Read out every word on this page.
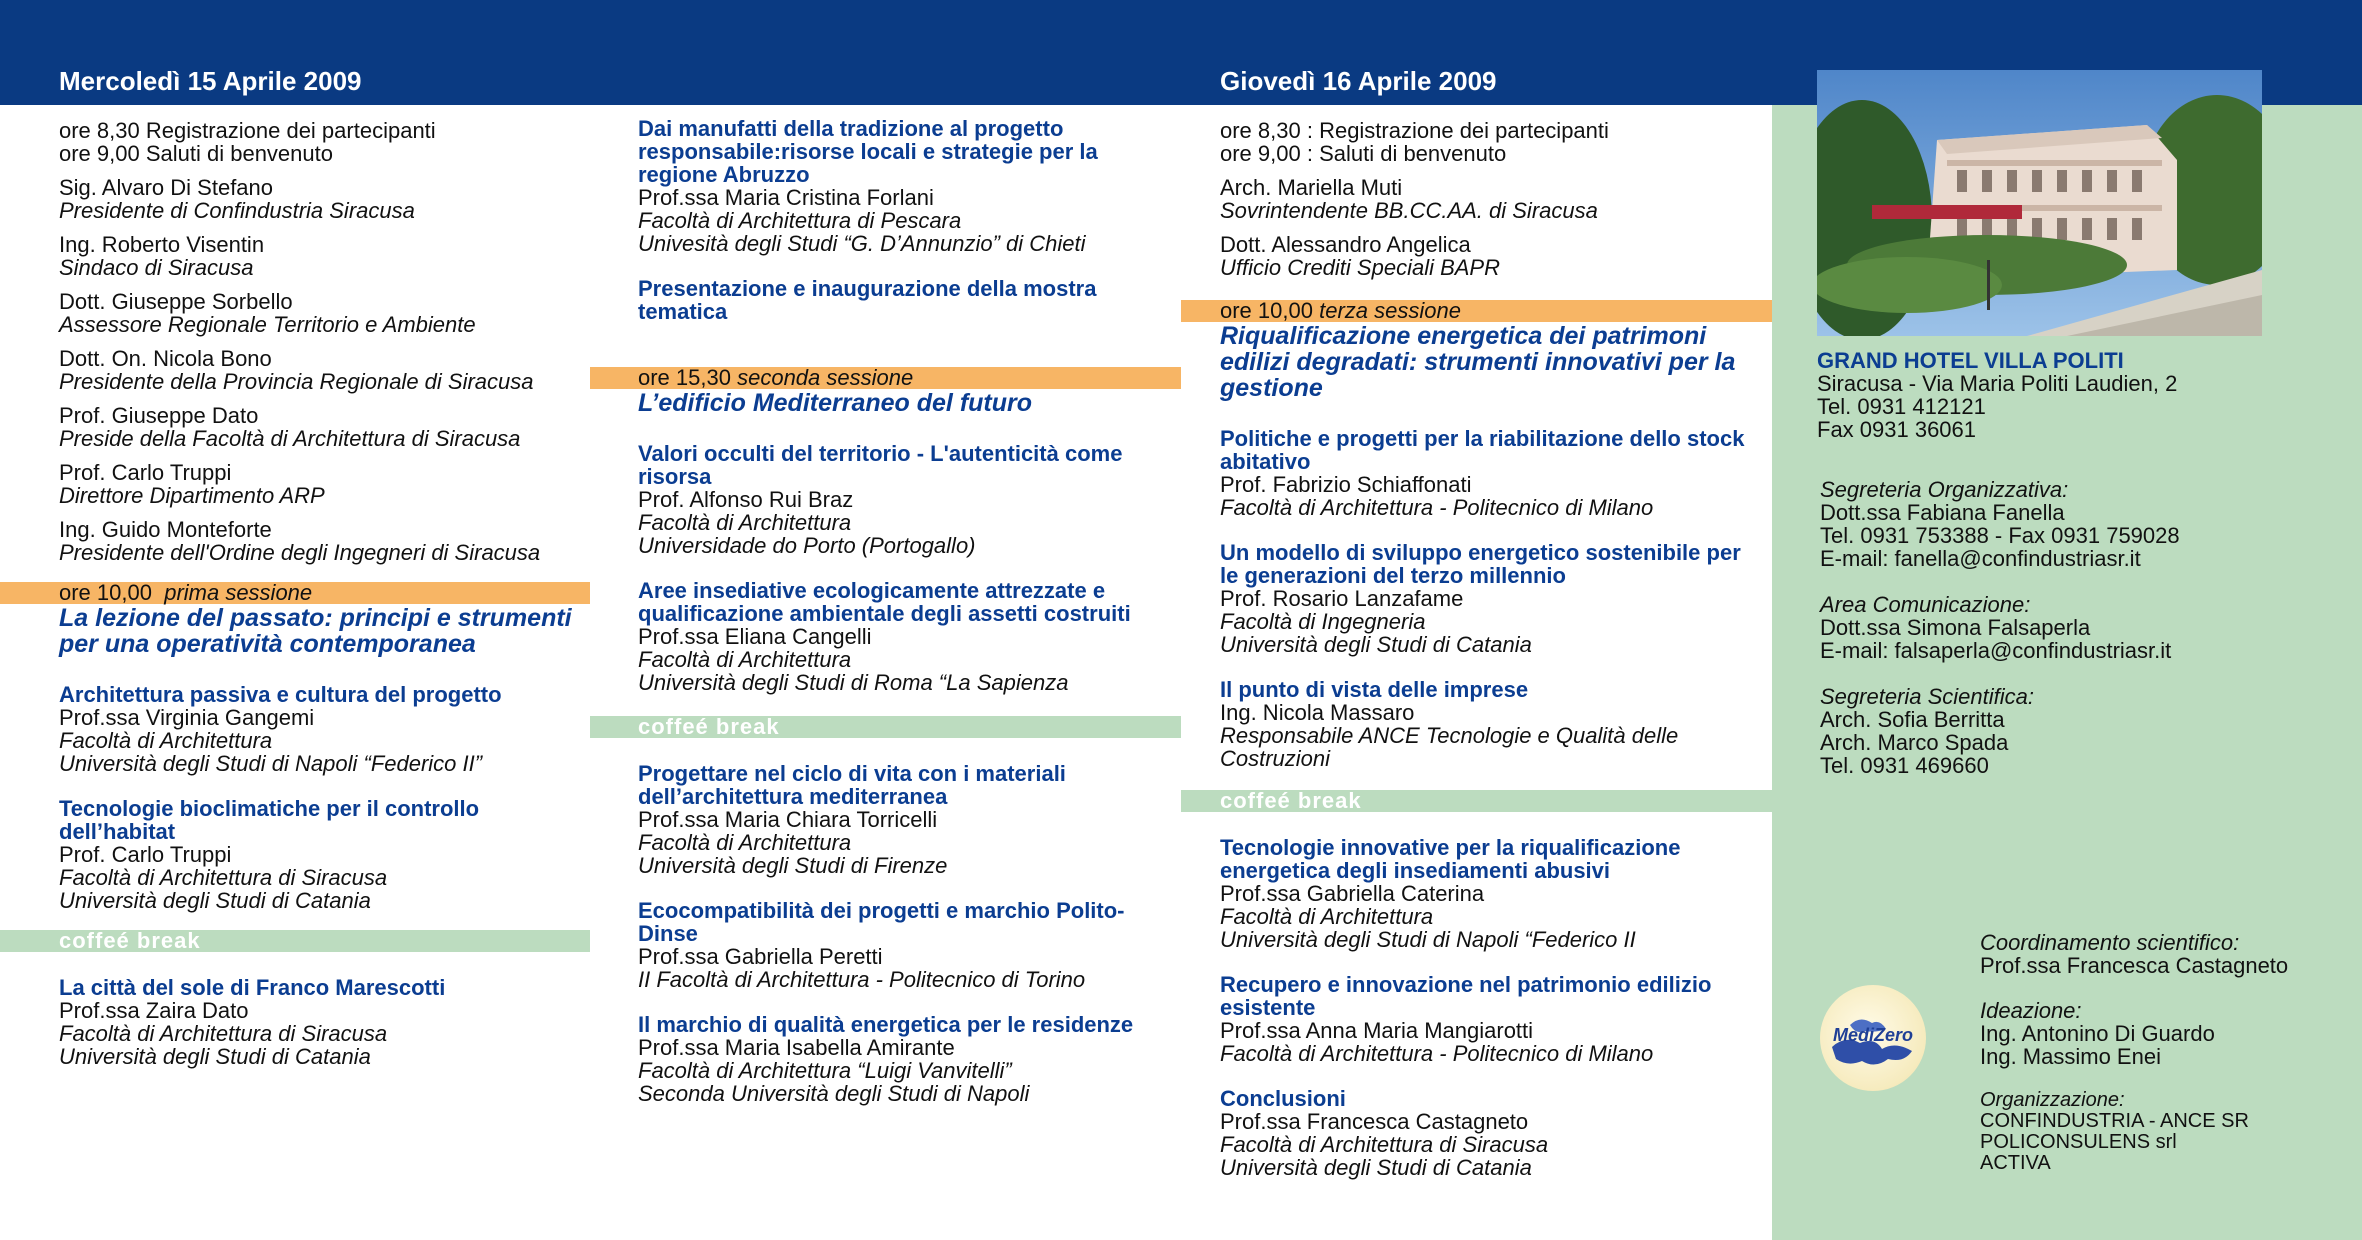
Mercoledì 15 Aprile 2009	Giovedì 16 Aprile 2009

ore 8,30 Registrazione dei partecipanti

ore 9,00 Saluti di benvenuto

Sig. Alvaro Di Stefano

Presidente di Confindustria Siracusa

Ing. Roberto Visentin

Sindaco di Siracusa

Dott. Giuseppe Sorbello

Assessore Regionale Territorio e Ambiente

Dott. On. Nicola Bono

Presidente della Provincia Regionale di Siracusa

Prof. Giuseppe Dato

Preside della Facoltà di Architettura di Siracusa

Prof. Carlo Truppi

Direttore Dipartimento ARP

Ing. Guido Monteforte

Presidente dell'Ordine degli Ingegneri di Siracusa

ore 10,00 prima sessione

La lezione del passato: principi e strumenti per una operatività contemporanea

Architettura passiva e cultura del progetto

Prof.ssa Virginia Gangemi

Facoltà di Architettura

Università degli Studi di Napoli “Federico II”

Tecnologie bioclimatiche per il controllo dell’habitat

Prof. Carlo Truppi

Facoltà di Architettura di Siracusa

Università degli Studi di Catania

coffeé break

La città del sole di Franco Marescotti

Prof.ssa Zaira Dato

Facoltà di Architettura di Siracusa

Università degli Studi di Catania

Dai manufatti della tradizione al progetto responsabile:risorse locali e strategie per la regione Abruzzo

Prof.ssa Maria Cristina Forlani

Facoltà di Architettura di Pescara

Univesità degli Studi “G. D’Annunzio” di Chieti

Presentazione e inaugurazione della mostra tematica

ore 15,30 seconda sessione

L’edificio Mediterraneo del futuro

Valori occulti del territorio - L'autenticità come risorsa

Prof. Alfonso Rui Braz

Facoltà di Architettura

Universidade do Porto (Portogallo)

Aree insediative ecologicamente attrezzate e qualificazione ambientale degli assetti costruiti

Prof.ssa Eliana Cangelli

Facoltà di Architettura

Università degli Studi di Roma “La Sapienza

coffeé break

Progettare nel ciclo di vita con i materiali dell’architettura mediterranea

Prof.ssa Maria Chiara Torricelli

Facoltà di Architettura

Università degli Studi di Firenze

Ecocompatibilità dei progetti e marchio Polito-Dinse

Prof.ssa Gabriella Peretti

II Facoltà di Architettura - Politecnico di Torino

Il marchio di qualità energetica per le residenze

Prof.ssa Maria Isabella Amirante

Facoltà di Architettura “Luigi Vanvitelli”

Seconda Università degli Studi di Napoli

ore 8,30 : Registrazione dei partecipanti

ore 9,00 : Saluti di benvenuto

Arch. Mariella Muti

Sovrintendente BB.CC.AA. di Siracusa

Dott. Alessandro Angelica

Ufficio Crediti Speciali BAPR

ore 10,00 terza sessione

Riqualificazione energetica dei patrimoni edilizi degradati: strumenti innovativi per la gestione

Politiche e progetti per la riabilitazione dello stock abitativo

Prof. Fabrizio Schiaffonati

Facoltà di Architettura - Politecnico di Milano

Un modello di sviluppo energetico sostenibile per le generazioni del terzo millennio

Prof. Rosario Lanzafame

Facoltà di Ingegneria

Università degli Studi di Catania

Il punto di vista delle imprese

Ing. Nicola Massaro

Responsabile ANCE Tecnologie e Qualità delle Costruzioni

coffeé break

Tecnologie innovative per la riqualificazione energetica degli insediamenti abusivi

Prof.ssa Gabriella Caterina

Facoltà di Architettura

Università degli Studi di Napoli “Federico II

Recupero e innovazione nel patrimonio edilizio esistente

Prof.ssa Anna Maria Mangiarotti

Facoltà di Architettura - Politecnico di Milano

Conclusioni

Prof.ssa Francesca Castagneto

Facoltà di Architettura di Siracusa

Università degli Studi di Catania

GRAND HOTEL VILLA POLITI

Siracusa - Via Maria Politi Laudien, 2

Tel. 0931 412121

Fax 0931 36061

Segreteria Organizzativa:

Dott.ssa Fabiana Fanella

Tel. 0931 753388 - Fax 0931 759028

E-mail: fanella@confindustriasr.it

Area Comunicazione:

Dott.ssa Simona Falsaperla

E-mail: falsaperla@confindustriasr.it

Segreteria Scientifica:

Arch. Sofia Berritta

Arch. Marco Spada

Tel. 0931 469660

MediZero

Coordinamento scientifico:

Prof.ssa Francesca Castagneto

Ideazione:

Ing. Antonino Di Guardo

Ing. Massimo Enei

Organizzazione:

CONFINDUSTRIA - ANCE SR

POLICONSULENS srl

ACTIVA
